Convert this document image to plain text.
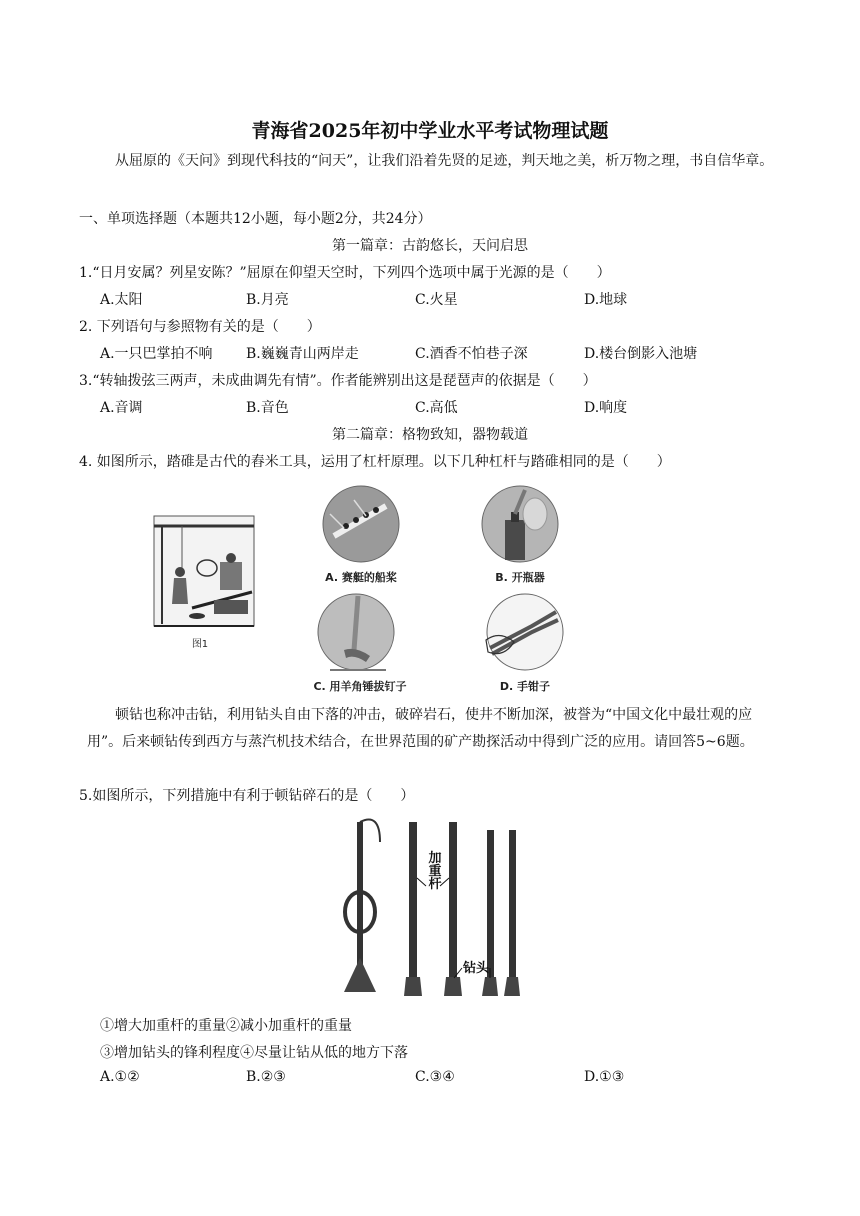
青海省2025年初中学业水平考试物理试题
从屈原的《天问》到现代科技的“问天”，让我们沿着先贤的足迹，判天地之美，析万物之理，书自信华章。
一、单项选择题（本题共12小题，每小题2分，共24分）
第一篇章：古韵悠长，天问启思
1.“日月安属？列星安陈？”屈原在仰望天空时，下列四个选项中属于光源的是（　　）
A.太阳	B.月亮	C.火星	D.地球
2. 下列语句与参照物有关的是（　　）
A.一只巴掌拍不响 B.巍巍青山两岸走	C.酒香不怕巷子深	D.楼台倒影入池塘
3.“转轴拨弦三两声，未成曲调先有情”。作者能辨别出这是琵琶声的依据是（　　）
A.音调	B.音色	C.高低	D.响度
第二篇章：格物致知，器物载道
4. 如图所示，踏碓是古代的舂米工具，运用了杠杆原理。以下几种杠杆与踏碓相同的是（　　）
图1
A. 赛艇的船桨	B. 开瓶器
C. 用羊角锤拔钉子	D. 手钳子
顿钻也称冲击钻，利用钻头自由下落的冲击，破碎岩石，使井不断加深，被誉为“中国文化中最壮观的应用”。后来顿钻传到西方与蒸汽机技术结合，在世界范围的矿产勘探活动中得到广泛的应用。请回答5~6题。
5.如图所示，下列措施中有利于顿钻碎石的是（　　）
加重杆
钻头
①增大加重杆的重量②减小加重杆的重量
③增加钻头的锋利程度④尽量让钻从低的地方下落
A.①②	B.②③	C.③④	D.①③
